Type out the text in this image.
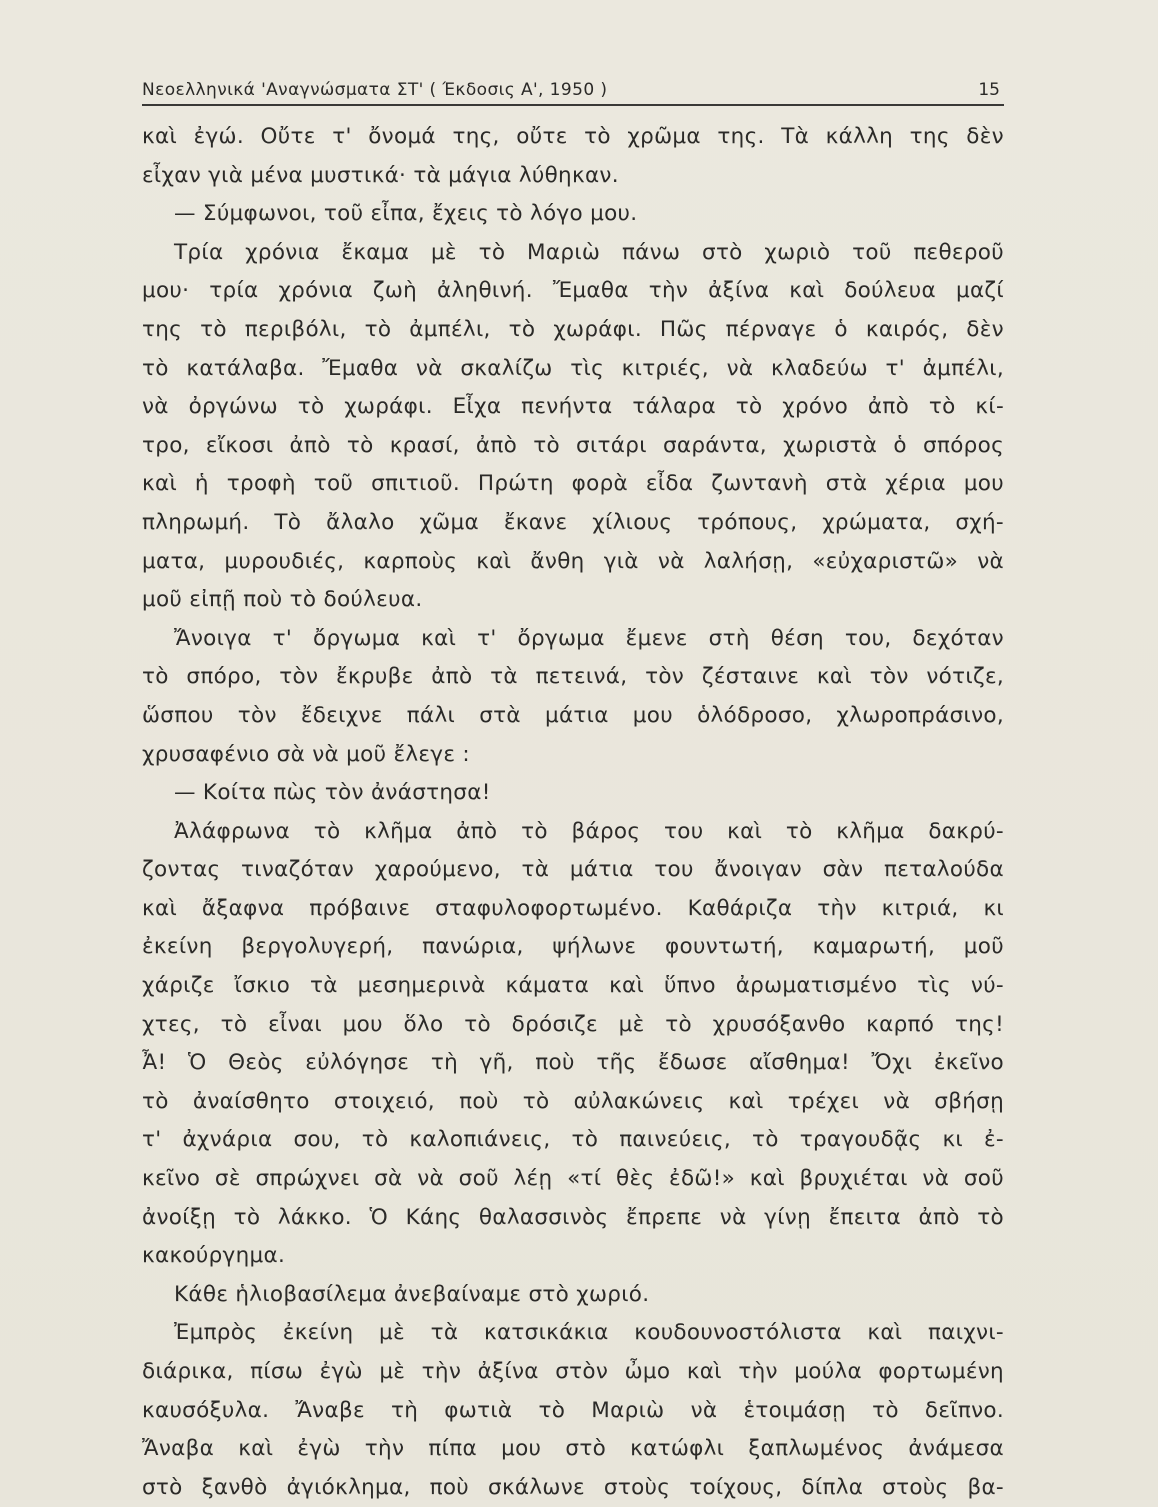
Νεοελληνικά 'Αναγνώσματα ΣΤ' ( Έκδοσις Α', 1950 )	15
καὶ ἐγώ. Οὔτε τ' ὄνομά της, οὔτε τὸ χρῶμα της. Τὰ κάλλη της δὲν
εἶχαν γιὰ μένα μυστικά· τὰ μάγια λύθηκαν.
— Σύμφωνοι, τοῦ εἶπα, ἔχεις τὸ λόγο μου.
Τρία χρόνια ἔκαμα μὲ τὸ Μαριὼ πάνω στὸ χωριὸ τοῦ πεθεροῦ
μου· τρία χρόνια ζωὴ ἀληθινή. Ἔμαθα τὴν ἀξίνα καὶ δούλευα μαζί
της τὸ περιβόλι, τὸ ἀμπέλι, τὸ χωράφι. Πῶς πέρναγε ὁ καιρός, δὲν
τὸ κατάλαβα. Ἔμαθα νὰ σκαλίζω τὶς κιτριές, νὰ κλαδεύω τ' ἀμπέλι,
νὰ ὀργώνω τὸ χωράφι. Εἶχα πενήντα τάλαρα τὸ χρόνο ἀπὸ τὸ κί-
τρο, εἴκοσι ἀπὸ τὸ κρασί, ἀπὸ τὸ σιτάρι σαράντα, χωριστὰ ὁ σπόρος
καὶ ἡ τροφὴ τοῦ σπιτιοῦ. Πρώτη φορὰ εἶδα ζωντανὴ στὰ χέρια μου
πληρωμή. Τὸ ἄλαλο χῶμα ἔκανε χίλιους τρόπους, χρώματα, σχή-
ματα, μυρουδιές, καρποὺς καὶ ἄνθη γιὰ νὰ λαλήσῃ, «εὐχαριστῶ» νὰ
μοῦ εἰπῇ ποὺ τὸ δούλευα.
Ἄνοιγα τ' ὄργωμα καὶ τ' ὄργωμα ἔμενε στὴ θέση του, δεχόταν
τὸ σπόρο, τὸν ἔκρυβε ἀπὸ τὰ πετεινά, τὸν ζέσταινε καὶ τὸν νότιζε,
ὥσπου τὸν ἔδειχνε πάλι στὰ μάτια μου ὁλόδροσο, χλωροπράσινο,
χρυσαφένιο σὰ νὰ μοῦ ἔλεγε :
— Κοίτα πὼς τὸν ἀνάστησα!
Ἀλάφρωνα τὸ κλῆμα ἀπὸ τὸ βάρος του καὶ τὸ κλῆμα δακρύ-
ζοντας τιναζόταν χαρούμενο, τὰ μάτια του ἄνοιγαν σὰν πεταλούδα
καὶ ἄξαφνα πρόβαινε σταφυλοφορτωμένο. Καθάριζα τὴν κιτριά, κι
ἐκείνη βεργολυγερή, πανώρια, ψήλωνε φουντωτή, καμαρωτή, μοῦ
χάριζε ἴσκιο τὰ μεσημερινὰ κάματα καὶ ὕπνο ἀρωματισμένο τὶς νύ-
χτες, τὸ εἶναι μου ὅλο τὸ δρόσιζε μὲ τὸ χρυσόξανθο καρπό της!
Ἆ! Ὁ Θεὸς εὐλόγησε τὴ γῆ, ποὺ τῆς ἔδωσε αἴσθημα! Ὄχι ἐκεῖνο
τὸ ἀναίσθητο στοιχειό, ποὺ τὸ αὐλακώνεις καὶ τρέχει νὰ σβήσῃ
τ' ἀχνάρια σου, τὸ καλοπιάνεις, τὸ παινεύεις, τὸ τραγουδᾷς κι ἐ-
κεῖνο σὲ σπρώχνει σὰ νὰ σοῦ λέῃ «τί θὲς ἐδῶ!» καὶ βρυχιέται νὰ σοῦ
ἀνοίξῃ τὸ λάκκο. Ὁ Κάης θαλασσινὸς ἔπρεπε νὰ γίνῃ ἔπειτα ἀπὸ τὸ
κακούργημα.
Κάθε ἡλιοβασίλεμα ἀνεβαίναμε στὸ χωριό.
Ἐμπρὸς ἐκείνη μὲ τὰ κατσικάκια κουδουνοστόλιστα καὶ παιχνι-
διάρικα, πίσω ἐγὼ μὲ τὴν ἀξίνα στὸν ὦμο καὶ τὴν μούλα φορτωμένη
καυσόξυλα. Ἄναβε τὴ φωτιὰ τὸ Μαριὼ νὰ ἑτοιμάσῃ τὸ δεῖπνο.
Ἄναβα καὶ ἐγὼ τὴν πίπα μου στὸ κατώφλι ξαπλωμένος ἀνάμεσα
στὸ ξανθὸ ἀγιόκλημα, ποὺ σκάλωνε στοὺς τοίχους, δίπλα στοὺς βα-
